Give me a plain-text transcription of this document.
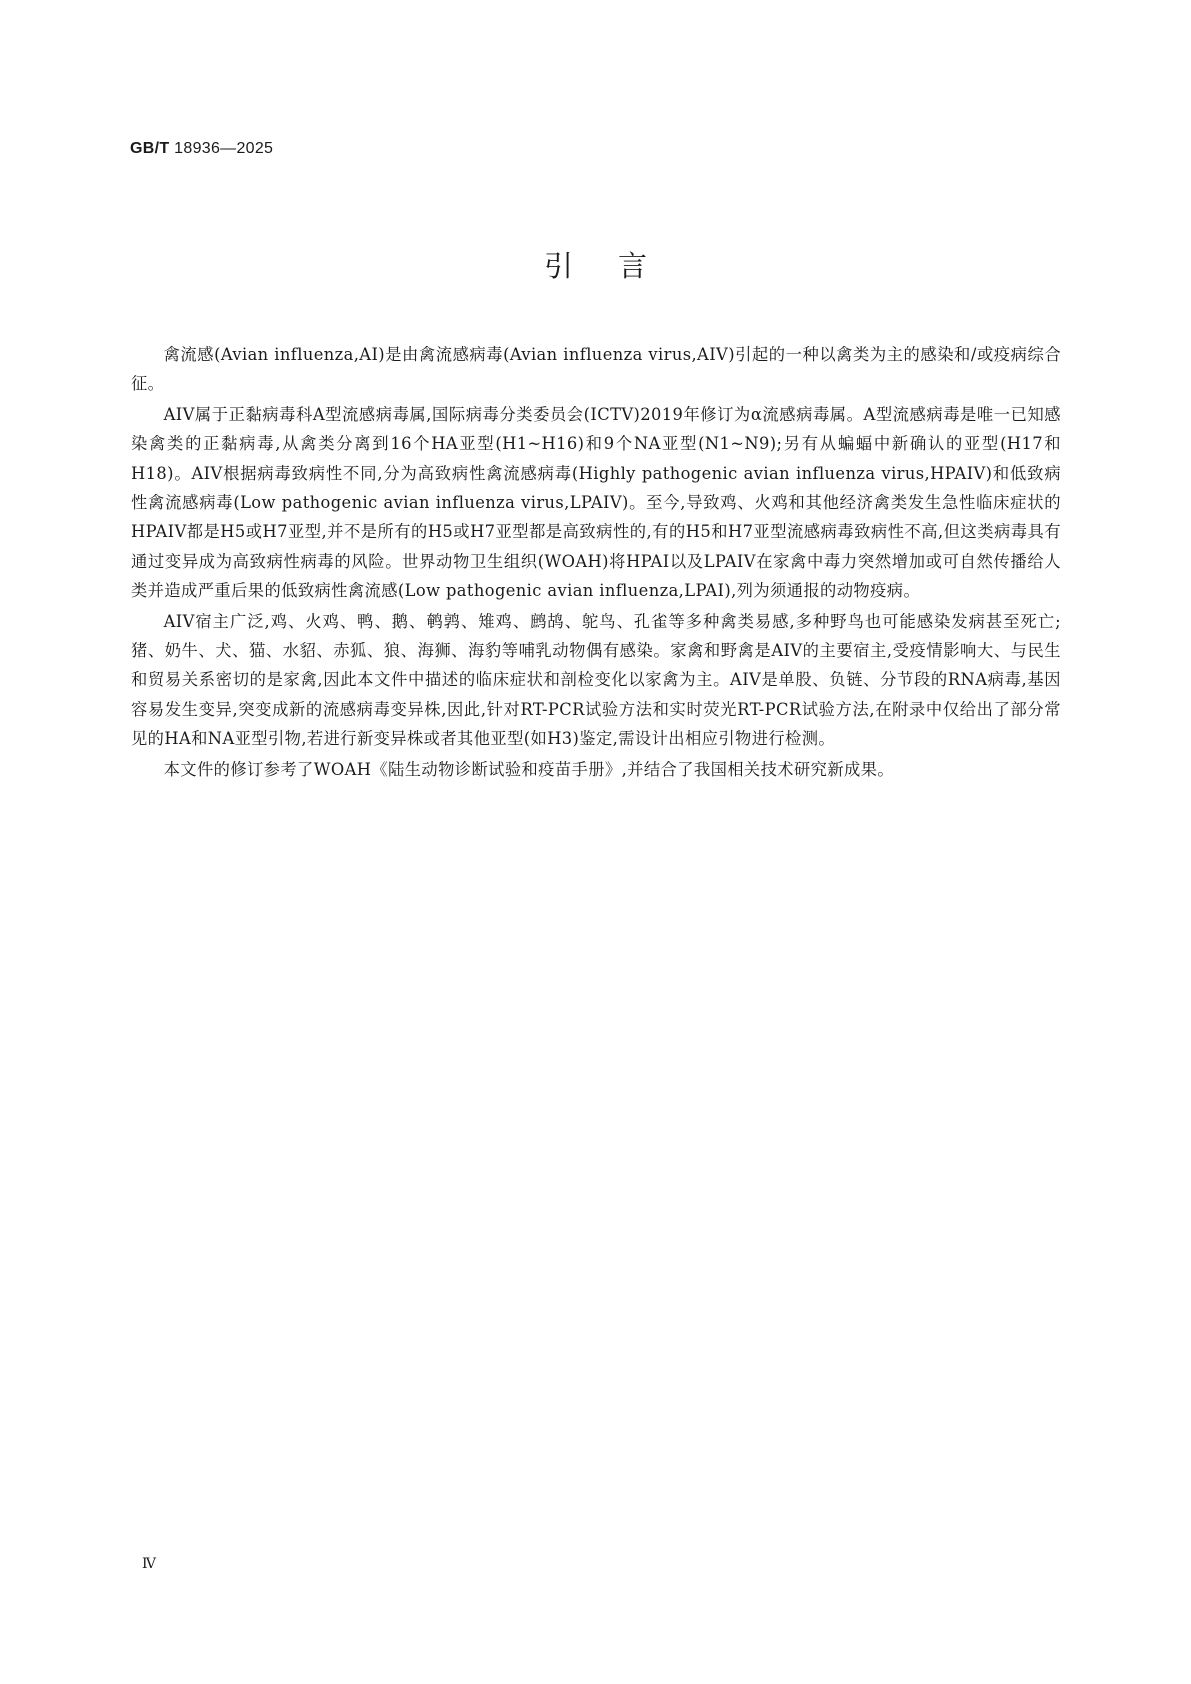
GB/T 18936—2025
引言

禽流感(Avian influenza,AI)是由禽流感病毒(Avian influenza virus,AIV)引起的一种以禽类为主的感染和/或疫病综合征。

AIV属于正黏病毒科A型流感病毒属,国际病毒分类委员会(ICTV)2019年修订为α流感病毒属。A型流感病毒是唯一已知感染禽类的正黏病毒,从禽类分离到16个HA亚型(H1~H16)和9个NA亚型(N1~N9);另有从蝙蝠中新确认的亚型(H17和H18)。AIV根据病毒致病性不同,分为高致病性禽流感病毒(Highly pathogenic avian influenza virus,HPAIV)和低致病性禽流感病毒(Low pathogenic avian influenza virus,LPAIV)。至今,导致鸡、火鸡和其他经济禽类发生急性临床症状的HPAIV都是H5或H7亚型,并不是所有的H5或H7亚型都是高致病性的,有的H5和H7亚型流感病毒致病性不高,但这类病毒具有通过变异成为高致病性病毒的风险。世界动物卫生组织(WOAH)将HPAI以及LPAIV在家禽中毒力突然增加或可自然传播给人类并造成严重后果的低致病性禽流感(Low pathogenic avian influenza,LPAI),列为须通报的动物疫病。

AIV宿主广泛,鸡、火鸡、鸭、鹅、鹌鹑、雉鸡、鹧鸪、鸵鸟、孔雀等多种禽类易感,多种野鸟也可能感染发病甚至死亡;猪、奶牛、犬、猫、水貂、赤狐、狼、海狮、海豹等哺乳动物偶有感染。家禽和野禽是AIV的主要宿主,受疫情影响大、与民生和贸易关系密切的是家禽,因此本文件中描述的临床症状和剖检变化以家禽为主。AIV是单股、负链、分节段的RNA病毒,基因容易发生变异,突变成新的流感病毒变异株,因此,针对RT-PCR试验方法和实时荧光RT-PCR试验方法,在附录中仅给出了部分常见的HA和NA亚型引物,若进行新变异株或者其他亚型(如H3)鉴定,需设计出相应引物进行检测。

本文件的修订参考了WOAH《陆生动物诊断试验和疫苗手册》,并结合了我国相关技术研究新成果。

Ⅳ
